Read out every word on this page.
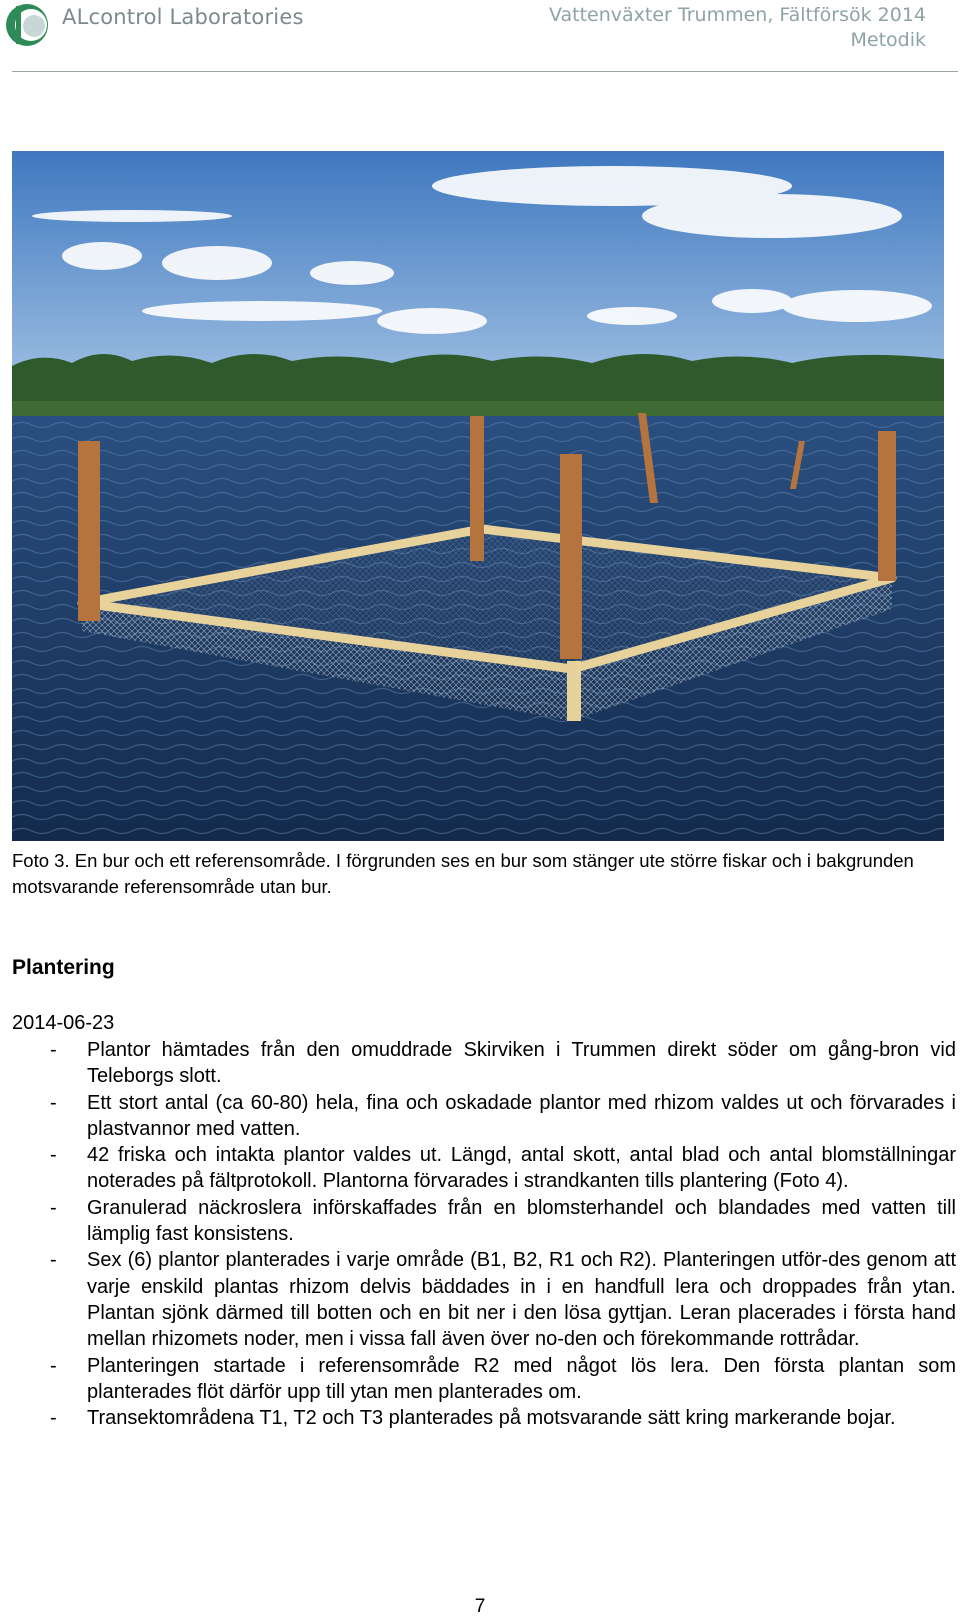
ALcontrol Laboratories	Vattenväxter Trummen, Fältförsök 2014
Metodik
Foto 3. En bur och ett referensområde. I förgrunden ses en bur som stänger ute större fiskar och i bakgrunden motsvarande referensområde utan bur.
Plantering
2014-06-23
- Plantor hämtades från den omuddrade Skirviken i Trummen direkt söder om gång-bron vid Teleborgs slott.
- Ett stort antal (ca 60-80) hela, fina och oskadade plantor med rhizom valdes ut och förvarades i plastvannor med vatten.
- 42 friska och intakta plantor valdes ut. Längd, antal skott, antal blad och antal blomställningar noterades på fältprotokoll. Plantorna förvarades i strandkanten tills plantering (Foto 4).
- Granulerad näckroslera införskaffades från en blomsterhandel och blandades med vatten till lämplig fast konsistens.
- Sex (6) plantor planterades i varje område (B1, B2, R1 och R2). Planteringen utför-des genom att varje enskild plantas rhizom delvis bäddades in i en handfull lera och droppades från ytan. Plantan sjönk därmed till botten och en bit ner i den lösa gyttjan. Leran placerades i första hand mellan rhizomets noder, men i vissa fall även över no-den och förekommande rottrådar.
- Planteringen startade i referensområde R2 med något lös lera. Den första plantan som planterades flöt därför upp till ytan men planterades om.
- Transektområdena T1, T2 och T3 planterades på motsvarande sätt kring markerande bojar.
7
